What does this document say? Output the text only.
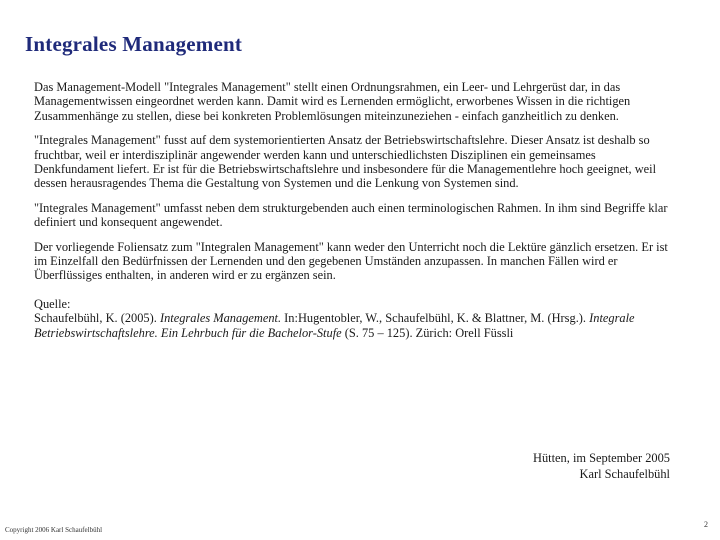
Integrales Management

Das Management-Modell "Integrales Management" stellt einen Ordnungsrahmen, ein Leer- und Lehrgerüst dar, in das Managementwissen eingeordnet werden kann. Damit wird es Lernenden ermöglicht, erworbenes Wissen in die richtigen Zusammenhänge zu stellen, diese bei konkreten Problemlösungen miteinzuneziehen - einfach ganzheitlich zu denken.

"Integrales Management" fusst auf dem systemorientierten Ansatz der Betriebswirtschaftslehre. Dieser Ansatz ist deshalb so fruchtbar, weil er interdisziplinär angewender werden kann und unterschiedlichsten Disziplinen ein gemeinsames Denkfundament liefert. Er ist für die Betriebswirtschaftslehre und insbesondere für die Managementlehre hoch geeignet, weil dessen herausragendes Thema die Gestaltung von Systemen und die Lenkung von Systemen sind.

"Integrales Management" umfasst neben dem strukturgebenden auch einen terminologischen Rahmen. In ihm sind Begriffe klar definiert und konsequent angewendet.

Der vorliegende Foliensatz zum "Integralen Management" kann weder den Unterricht noch die Lektüre gänzlich ersetzen. Er ist im Einzelfall den Bedürfnissen der Lernenden und den gegebenen Umständen anzupassen. In manchen Fällen wird er Überflüssiges enthalten, in anderen wird er zu ergänzen sein.

Quelle:
Schaufelbühl, K. (2005). Integrales Management. In:Hugentobler, W., Schaufelbühl, K. & Blattner, M. (Hrsg.). Integrale Betriebswirtschaftslehre. Ein Lehrbuch für die Bachelor-Stufe (S. 75 – 125). Zürich: Orell Füssli
Hütten, im September 2005
Karl Schaufelbühl
Copyright 2006 Karl Schaufelbühl
2
